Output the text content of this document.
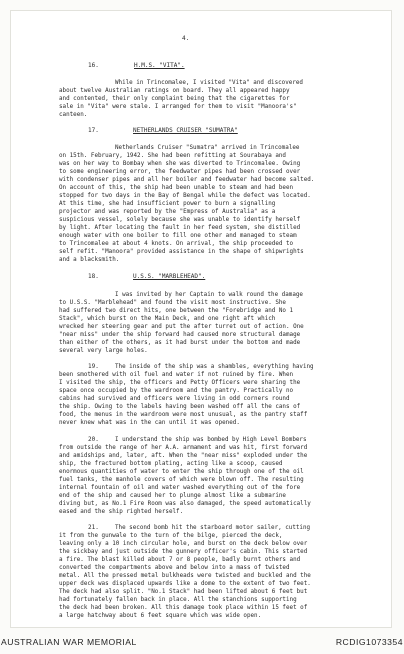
4.
16.	H.M.S. "VITA".
While in Trincomalee, I visited "Vita" and discovered
about twelve Australian ratings on board. They all appeared happy
and contented, their only complaint being that the cigarettes for
sale in "Vita" were stale. I arranged for them to visit "Manoora's"
canteen.
17.	NETHERLANDS CRUISER "SUMATRA"
Netherlands Cruiser "Sumatra" arrived in Trincomalee
on 15th. February, 1942. She had been refitting at Sourabaya and
was on her way to Bombay when she was diverted to Trincomalee. Owing
to some engineering error, the feedwater pipes had been crossed over
with condenser pipes and all her boiler and feedwater had become salted.
On account of this, the ship had been unable to steam and had been
stopped for two days in the Bay of Bengal while the defect was located.
At this time, she had insufficient power to burn a signalling
projector and was reported by the "Empress of Australia" as a
suspicious vessel, solely because she was unable to identify herself
by light. After locating the fault in her feed system, she distilled
enough water with one boiler to fill one other and managed to steam
to Trincomalee at about 4 knots. On arrival, the ship proceeded to
self refit. "Manoora" provided assistance in the shape of shipwrights
and a blacksmith.
18.	U.S.S. "MARBLEHEAD".
I was invited by her Captain to walk round the damage
to U.S.S. "Marblehead" and found the visit most instructive. She
had suffered two direct hits, one between the "Forebridge and No 1
Stack", which burst on the Main Deck, and one right aft which
wrecked her steering gear and put the after turret out of action. One
"near miss" under the ship forward had caused more structural damage
than either of the others, as it had burst under the bottom and made
several very large holes.
19.	The inside of the ship was a shambles, everything having
been smothered with oil fuel and water if not ruined by fire. When
I visited the ship, the officers and Petty Officers were sharing the
space once occupied by the wardroom and the pantry. Practically no
cabins had survived and officers were living in odd corners round
the ship. Owing to the labels having been washed off all the cans of
food, the menus in the wardroom were most unusual, as the pantry staff
never knew what was in the can until it was opened.
20.	I understand the ship was bombed by High Level Bombers
from outside the range of her A.A. armament and was hit, first forward
and amidships and, later, aft. When the "near miss" exploded under the
ship, the fractured bottom plating, acting like a scoop, caused
enormous quantities of water to enter the ship through one of the oil
fuel tanks, the manhole covers of which were blown off. The resulting
internal fountain of oil and water washed everything out of the fore
end of the ship and caused her to plunge almost like a submarine
diving but, as No.1 Fire Room was also damaged, the speed automatically
eased and the ship righted herself.
21.	The second bomb hit the starboard motor sailer, cutting
it from the gunwale to the turn of the bilge, pierced the deck,
leaving only a 10 inch circular hole, and burst on the deck below over
the sickbay and just outside the gunnery officer's cabin. This started
a fire. The blast killed about 7 or 8 people, badly burnt others and
converted the compartments above and below into a mass of twisted
metal. All the pressed metal bulkheads were twisted and buckled and the
upper deck was displaced upwards like a dome to the extent of two feet.
The deck had also split. "No.1 Stack" had been lifted about 6 feet but
had fortunately fallen back in place. All the stanchions supporting
the deck had been broken. All this damage took place within 15 feet of
a large hatchway about 6 feet square which was wide open.
AUSTRALIAN WAR MEMORIAL	RCDIG1073354
